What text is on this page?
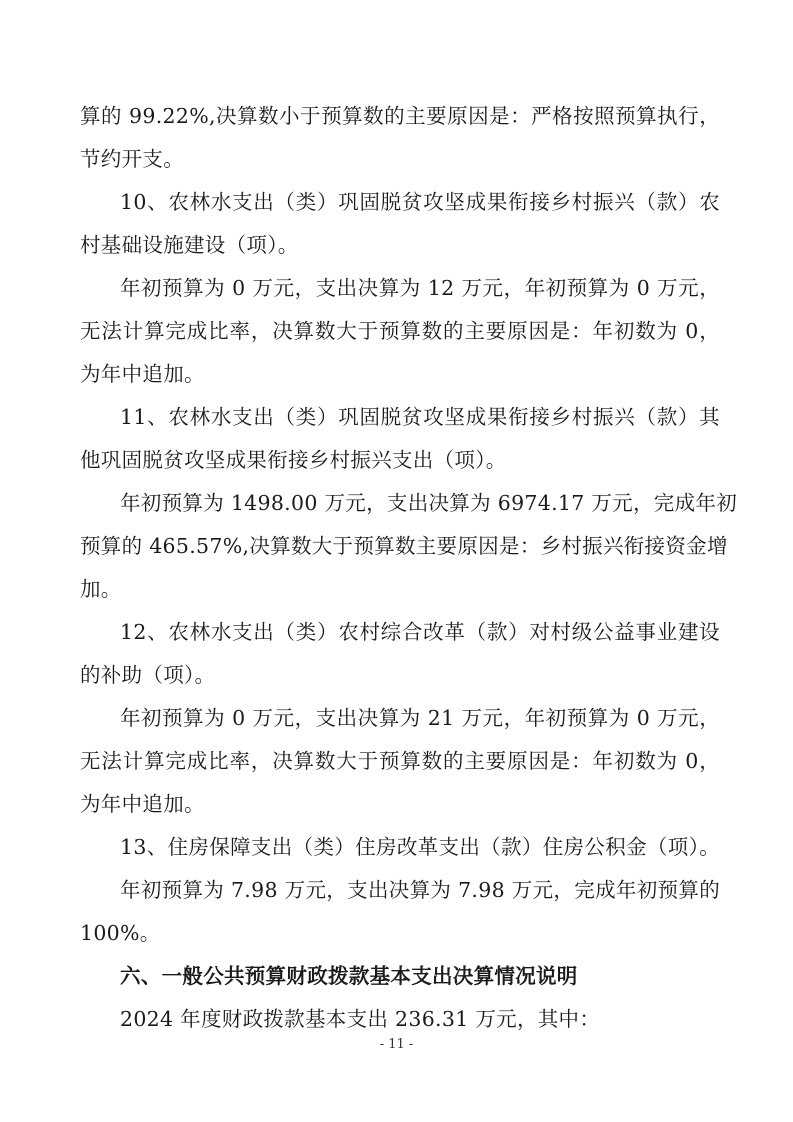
算的 99.22%,决算数小于预算数的主要原因是：严格按照预算执行，
节约开支。
10、农林水支出（类）巩固脱贫攻坚成果衔接乡村振兴（款）农
村基础设施建设（项）。
年初预算为 0 万元，支出决算为 12 万元，年初预算为 0 万元，
无法计算完成比率，决算数大于预算数的主要原因是：年初数为 0，
为年中追加。
11、农林水支出（类）巩固脱贫攻坚成果衔接乡村振兴（款）其
他巩固脱贫攻坚成果衔接乡村振兴支出（项）。
年初预算为 1498.00 万元，支出决算为 6974.17 万元，完成年初
预算的 465.57%,决算数大于预算数主要原因是：乡村振兴衔接资金增
加。
12、农林水支出（类）农村综合改革（款）对村级公益事业建设
的补助（项）。
年初预算为 0 万元，支出决算为 21 万元，年初预算为 0 万元，
无法计算完成比率，决算数大于预算数的主要原因是：年初数为 0，
为年中追加。
13、住房保障支出（类）住房改革支出（款）住房公积金（项）。
年初预算为 7.98 万元，支出决算为 7.98 万元，完成年初预算的
100%。
六、一般公共预算财政拨款基本支出决算情况说明
2024 年度财政拨款基本支出 236.31 万元，其中：
- 11 -
